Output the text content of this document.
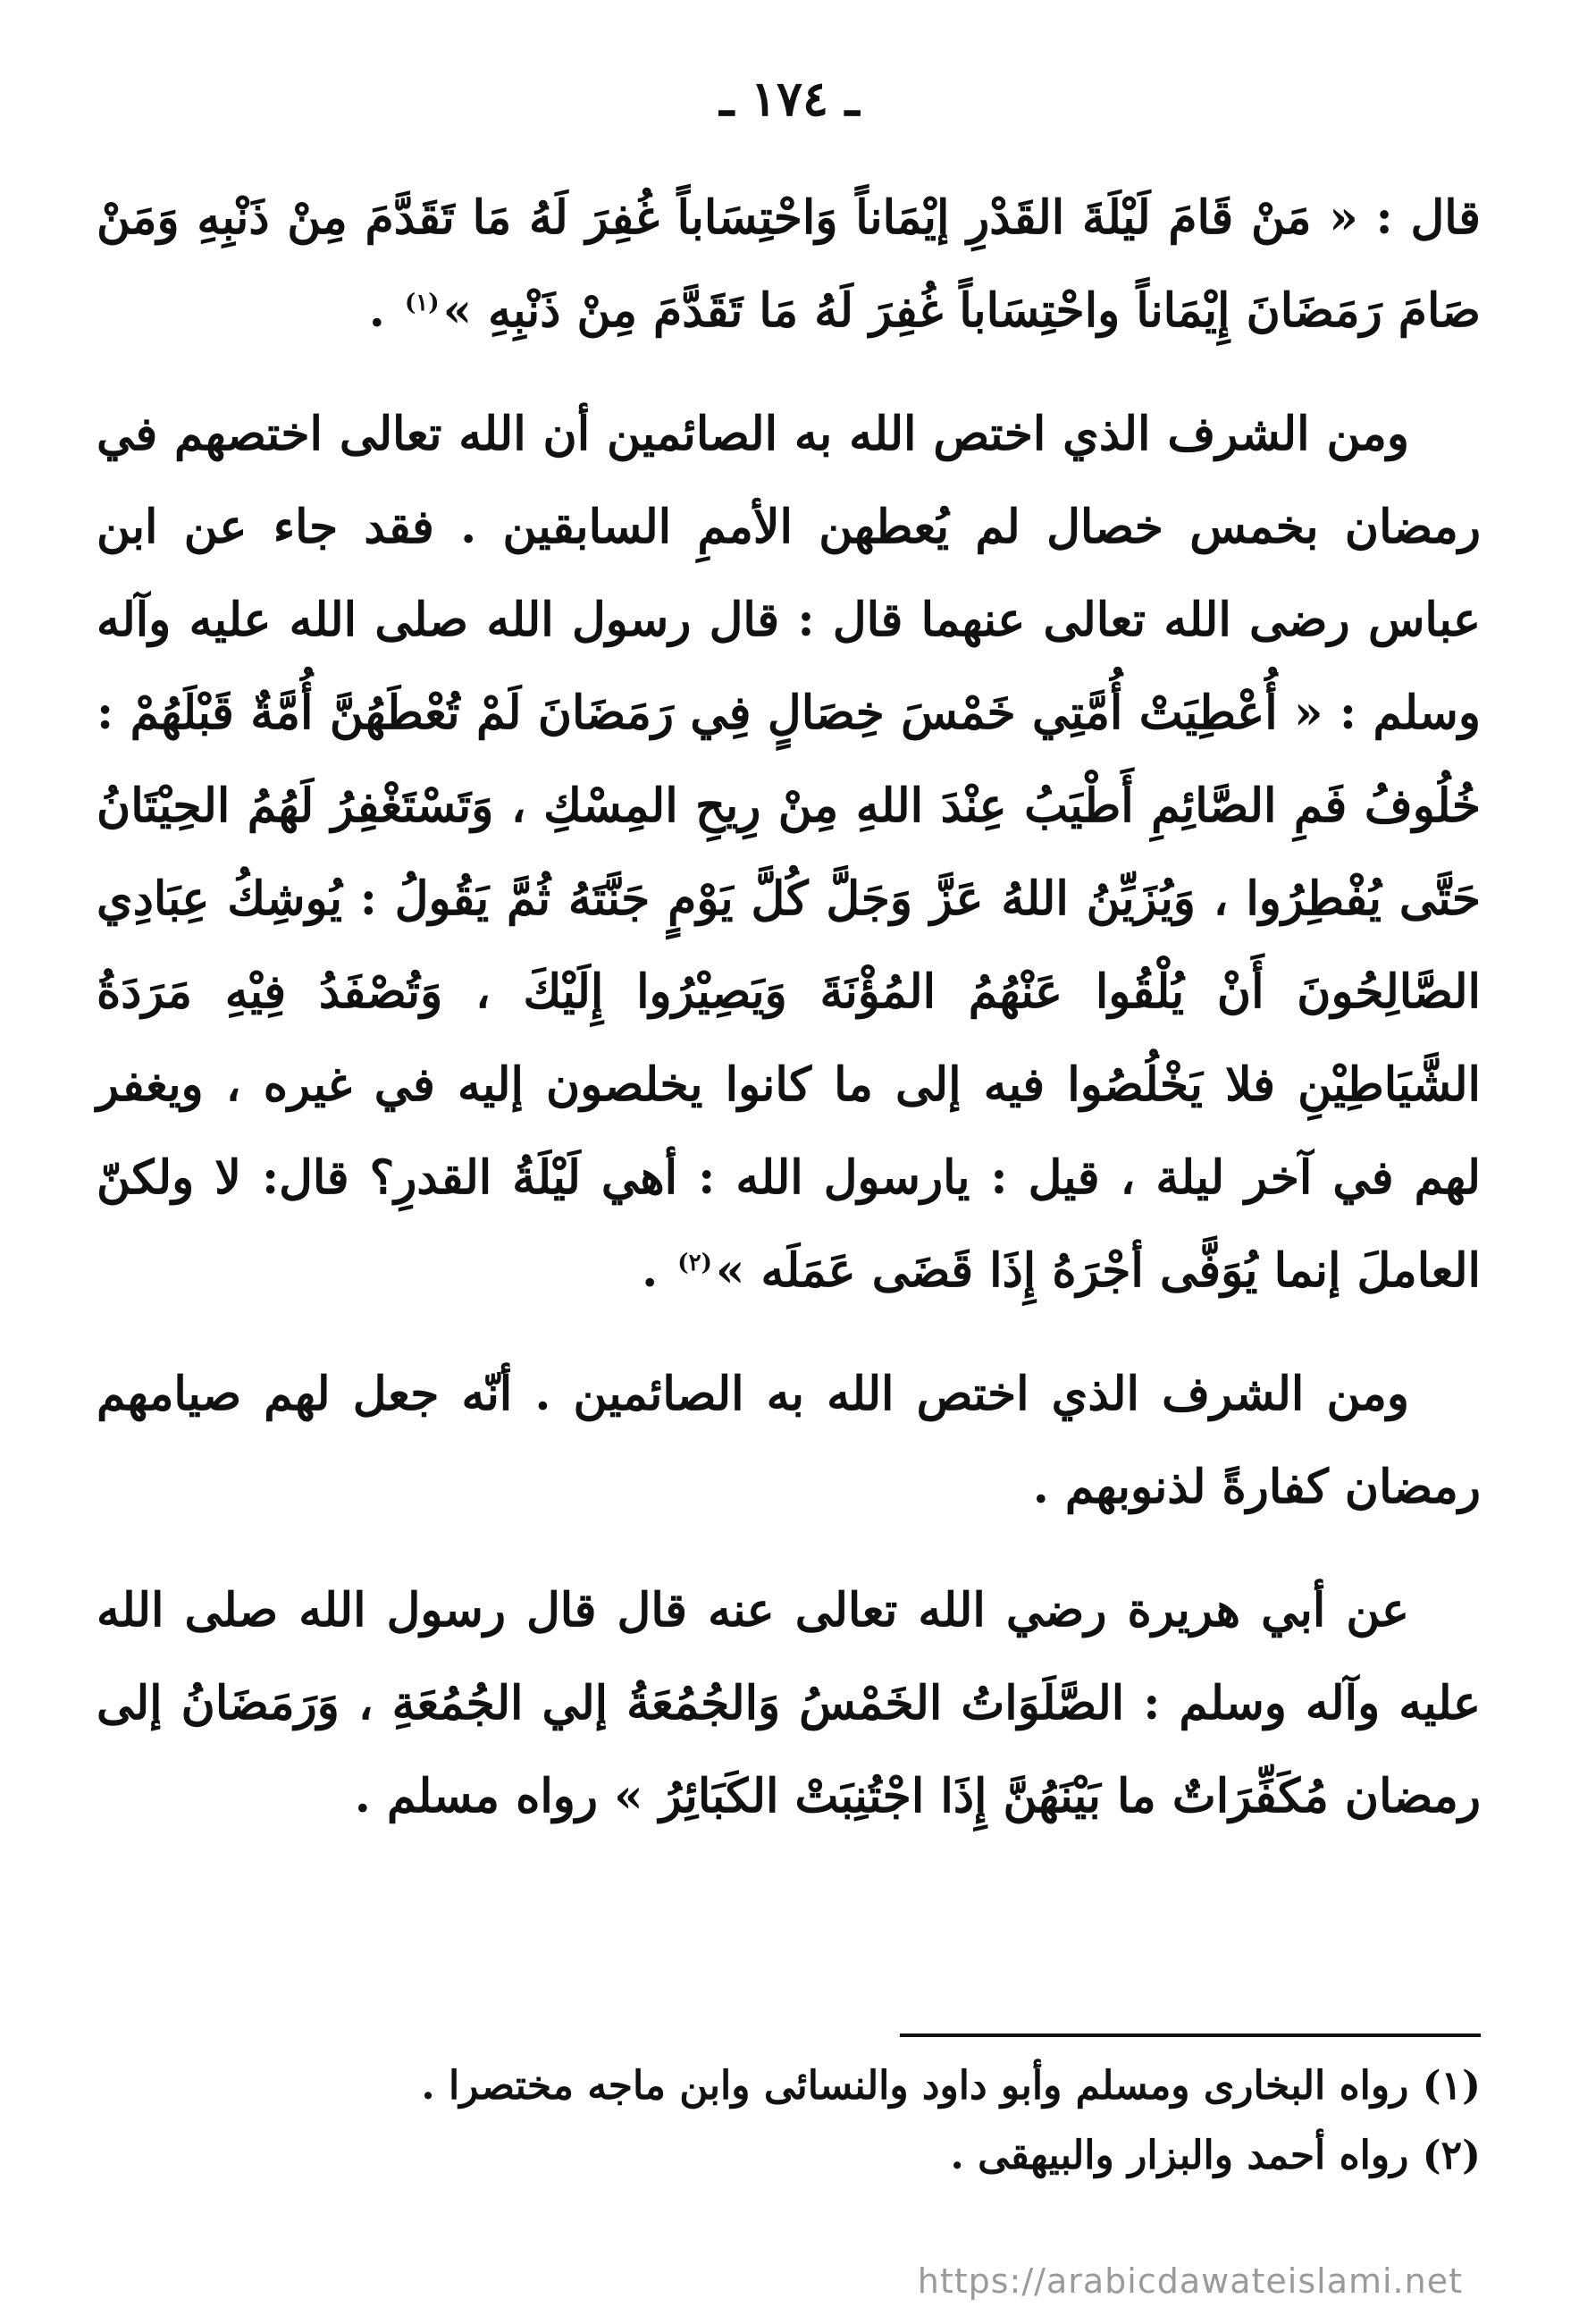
ـ ١٧٤ ـ

قال : « مَنْ قَامَ لَيْلَةَ القَدْرِ إيْمَاناً وَاحْتِسَاباً غُفِرَ لَهُ مَا تَقَدَّمَ مِنْ ذَنْبِهِ وَمَنْ صَامَ رَمَضَانَ إِيْمَاناً واحْتِسَاباً غُفِرَ لَهُ مَا تَقَدَّمَ مِنْ ذَنْبِهِ »$^{(١)}$ .

ومن الشرف الذي اختص الله به الصائمين أن الله تعالى اختصهم في رمضان بخمس خصال لم يُعطهن الأممِ السابقين . فقد جاء عن ابن عباس رضى الله تعالى عنهما قال : قال رسول الله صلى الله عليه وآله وسلم : « أُعْطِيَتْ أُمَّتِي خَمْسَ خِصَالٍ فِي رَمَضَانَ لَمْ تُعْطَهُنَّ أُمَّةٌ قَبْلَهُمْ : خُلُوفُ فَمِ الصَّائِمِ أَطْيَبُ عِنْدَ اللهِ مِنْ رِيحِ المِسْكِ ، وَتَسْتَغْفِرُ لَهُمُ الحِيْتَانُ حَتَّى يُفْطِرُوا ، وَيُزَيِّنُ اللهُ عَزَّ وَجَلَّ كُلَّ يَوْمٍ جَنَّتَهُ ثُمَّ يَقُولُ : يُوشِكُ عِبَادِي الصَّالِحُونَ أَنْ يُلْقُوا عَنْهُمُ المُؤْنَةَ وَيَصِيْرُوا إِلَيْكَ ، وَتُصْفَدُ فِيْهِ مَرَدَةُ الشَّيَاطِيْنِ فلا يَخْلُصُوا فيه إلى ما كانوا يخلصون إليه في غيره ، ويغفر لهم في آخر ليلة ، قيل : يارسول الله : أهي لَيْلَةُ القدرِ؟ قال: لا ولكنّ العاملَ إنما يُوَفَّى أجْرَهُ إِذَا قَضَى عَمَلَه »$^{(٢)}$ .

ومن الشرف الذي اختص الله به الصائمين . أنّه جعل لهم صيامهم رمضان كفارةً لذنوبهم .

عن أبي هريرة رضي الله تعالى عنه قال قال رسول الله صلى الله عليه وآله وسلم : الصَّلَوَاتُ الخَمْسُ وَالجُمُعَةُ إلي الجُمُعَةِ ، وَرَمَضَانُ إلى رمضان مُكَفِّرَاتٌ ما بَيْنَهُنَّ إِذَا اجْتُنِبَتْ الكَبَائِرُ » رواه مسلم .

(١) رواه البخارى ومسلم وأبو داود والنسائى وابن ماجه مختصرا .

(٢) رواه أحمد والبزار والبيهقى .

https://arabicdawateislami.net
